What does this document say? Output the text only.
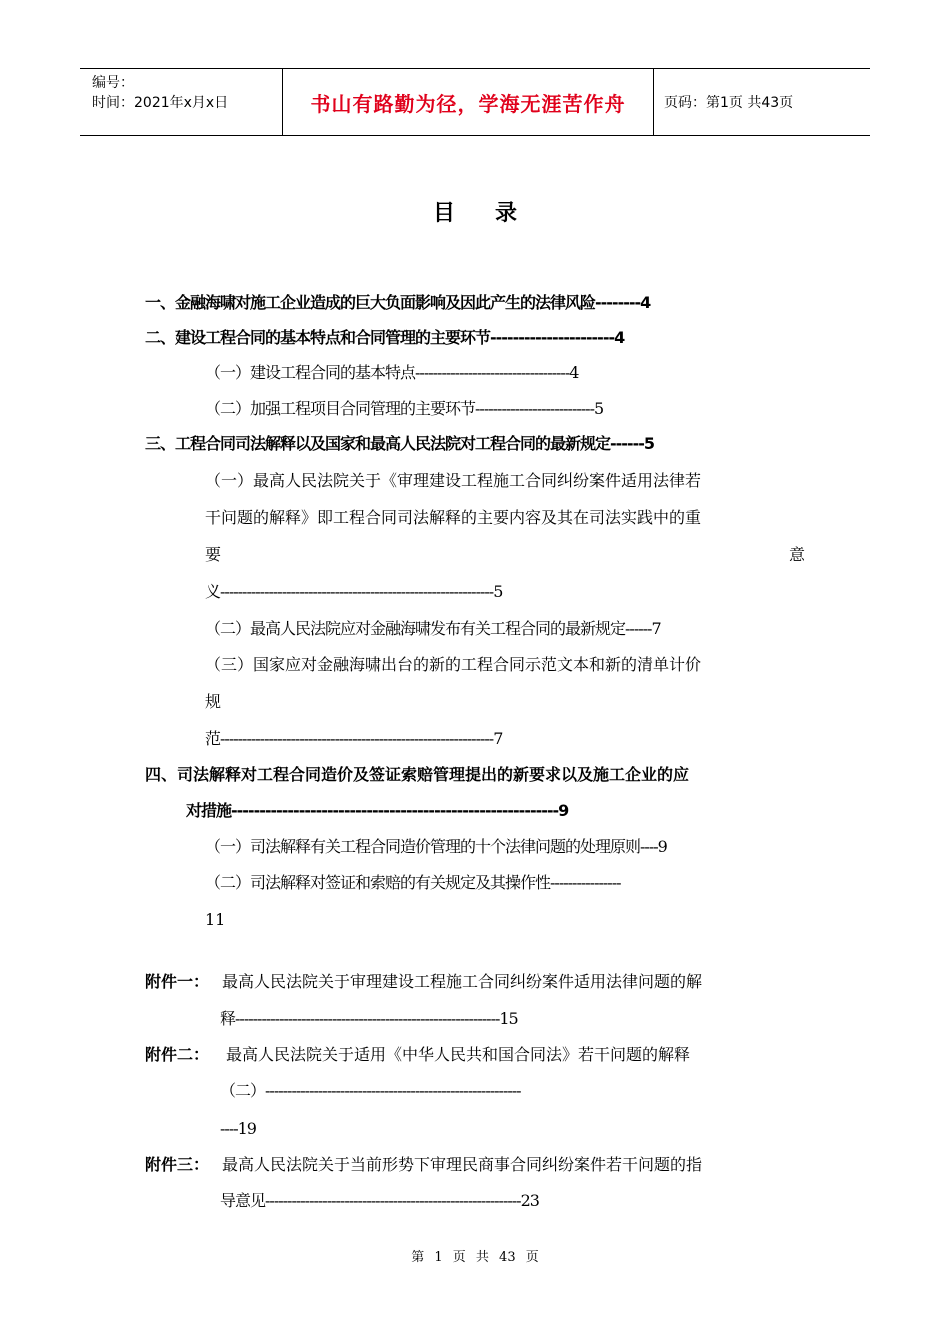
编号：
时间：2021年x月x日	书山有路勤为径，学海无涯苦作舟	页码：第1页 共43页
目录
一、金融海啸对施工企业造成的巨大负面影响及因此产生的法律风险--------4
二、建设工程合同的基本特点和合同管理的主要环节----------------------4
（一）建设工程合同的基本特点-----------------------------------4
（二）加强工程项目合同管理的主要环节---------------------------5
三、工程合同司法解释以及国家和最高人民法院对工程合同的最新规定------5
（一）最高人民法院关于《审理建设工程施工合同纠纷案件适用法律若
干问题的解释》即工程合同司法解释的主要内容及其在司法实践中的重
要	意
义--------------------------------------------------------------5
（二）最高人民法院应对金融海啸发布有关工程合同的最新规定------7
（三）国家应对金融海啸出台的新的工程合同示范文本和新的清单计价
规
范--------------------------------------------------------------7
四、司法解释对工程合同造价及签证索赔管理提出的新要求以及施工企业的应
对措施----------------------------------------------------------9
（一）司法解释有关工程合同造价管理的十个法律问题的处理原则----9
（二）司法解释对签证和索赔的有关规定及其操作性----------------
11
附件一： 最高人民法院关于审理建设工程施工合同纠纷案件适用法律问题的解
释------------------------------------------------------------15
附件二： 最高人民法院关于适用《中华人民共和国合同法》若干问题的解释
（二）----------------------------------------------------------
----19
附件三： 最高人民法院关于当前形势下审理民商事合同纠纷案件若干问题的指
导意见----------------------------------------------------------23
第 1 页 共 43 页
